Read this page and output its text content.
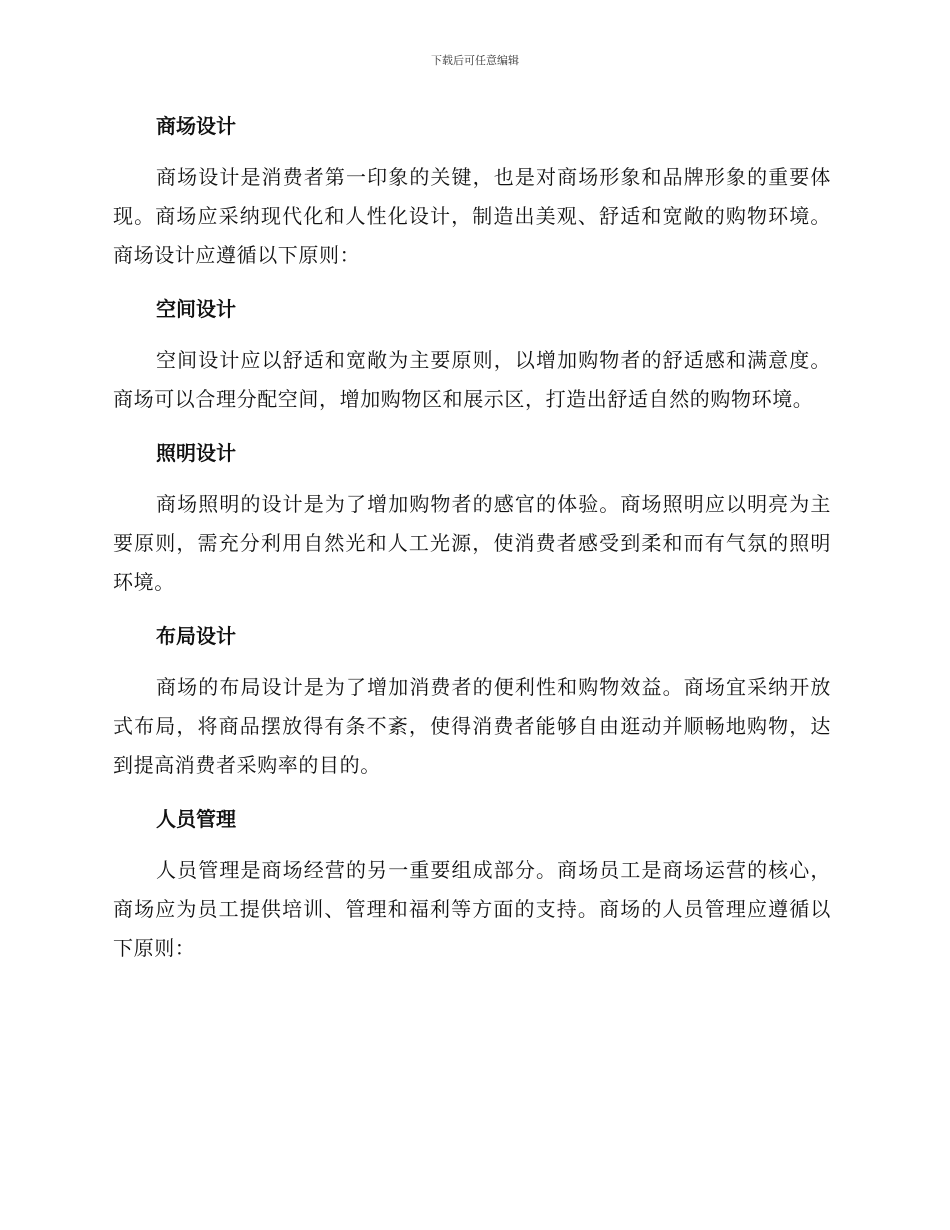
下载后可任意编辑
商场设计

商场设计是消费者第一印象的关键，也是对商场形象和品牌形象的重要体现。商场应采纳现代化和人性化设计，制造出美观、舒适和宽敞的购物环境。商场设计应遵循以下原则：

空间设计

空间设计应以舒适和宽敞为主要原则，以增加购物者的舒适感和满意度。商场可以合理分配空间，增加购物区和展示区，打造出舒适自然的购物环境。

照明设计

商场照明的设计是为了增加购物者的感官的体验。商场照明应以明亮为主要原则，需充分利用自然光和人工光源，使消费者感受到柔和而有气氛的照明环境。

布局设计

商场的布局设计是为了增加消费者的便利性和购物效益。商场宜采纳开放式布局，将商品摆放得有条不紊，使得消费者能够自由逛动并顺畅地购物，达到提高消费者采购率的目的。

人员管理

人员管理是商场经营的另一重要组成部分。商场员工是商场运营的核心，商场应为员工提供培训、管理和福利等方面的支持。商场的人员管理应遵循以下原则：
